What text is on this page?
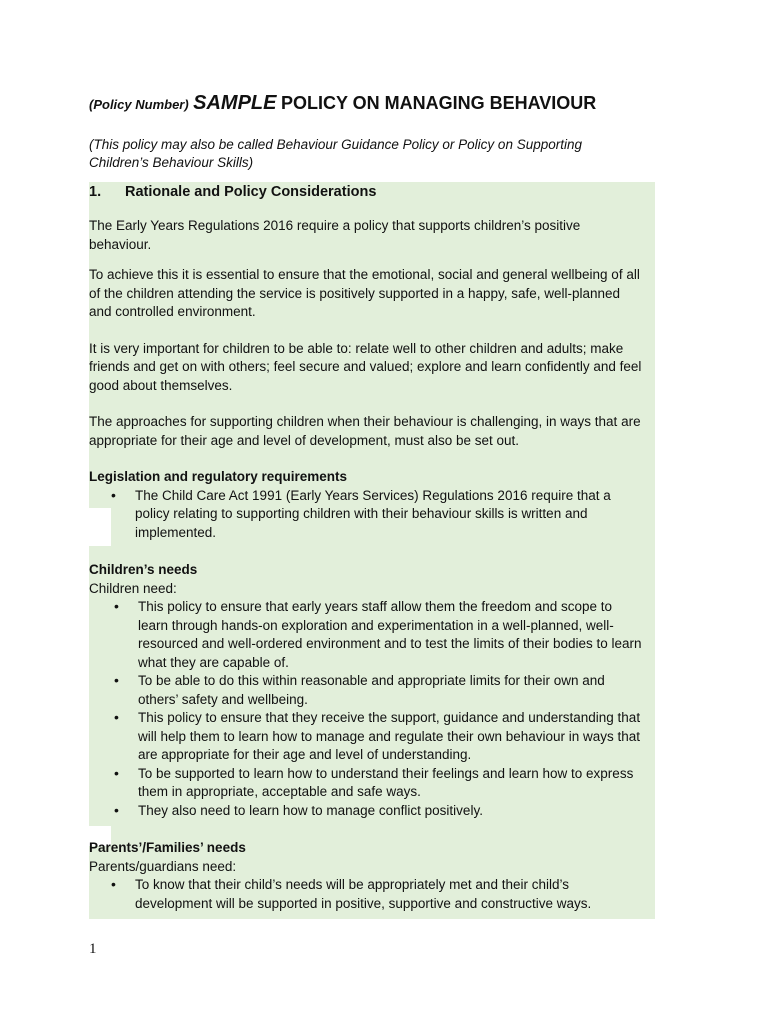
(Policy Number) SAMPLE POLICY ON MANAGING BEHAVIOUR
(This policy may also be called Behaviour Guidance Policy or Policy on Supporting
Children’s Behaviour Skills)
1.	Rationale and Policy Considerations

The Early Years Regulations 2016 require a policy that supports children’s positive
behaviour.

To achieve this it is essential to ensure that the emotional, social and general wellbeing of all
of the children attending the service is positively supported in a happy, safe, well-planned
and controlled environment.

It is very important for children to be able to: relate well to other children and adults; make
friends and get on with others; feel secure and valued; explore and learn confidently and feel
good about themselves.

The approaches for supporting children when their behaviour is challenging, in ways that are
appropriate for their age and level of development, must also be set out.

Legislation and regulatory requirements

• The Child Care Act 1991 (Early Years Services) Regulations 2016 require that a
policy relating to supporting children with their behaviour skills is written and
implemented.

Children’s needs

Children need:

• This policy to ensure that early years staff allow them the freedom and scope to
learn through hands-on exploration and experimentation in a well-planned, well-
resourced and well-ordered environment and to test the limits of their bodies to learn
what they are capable of.
• To be able to do this within reasonable and appropriate limits for their own and
others’ safety and wellbeing.
• This policy to ensure that they receive the support, guidance and understanding that
will help them to learn how to manage and regulate their own behaviour in ways that
are appropriate for their age and level of understanding.
• To be supported to learn how to understand their feelings and learn how to express
them in appropriate, acceptable and safe ways.
• They also need to learn how to manage conflict positively.

Parents’/Families’ needs

Parents/guardians need:

• To know that their child’s needs will be appropriately met and their child’s
development will be supported in positive, supportive and constructive ways.
1
